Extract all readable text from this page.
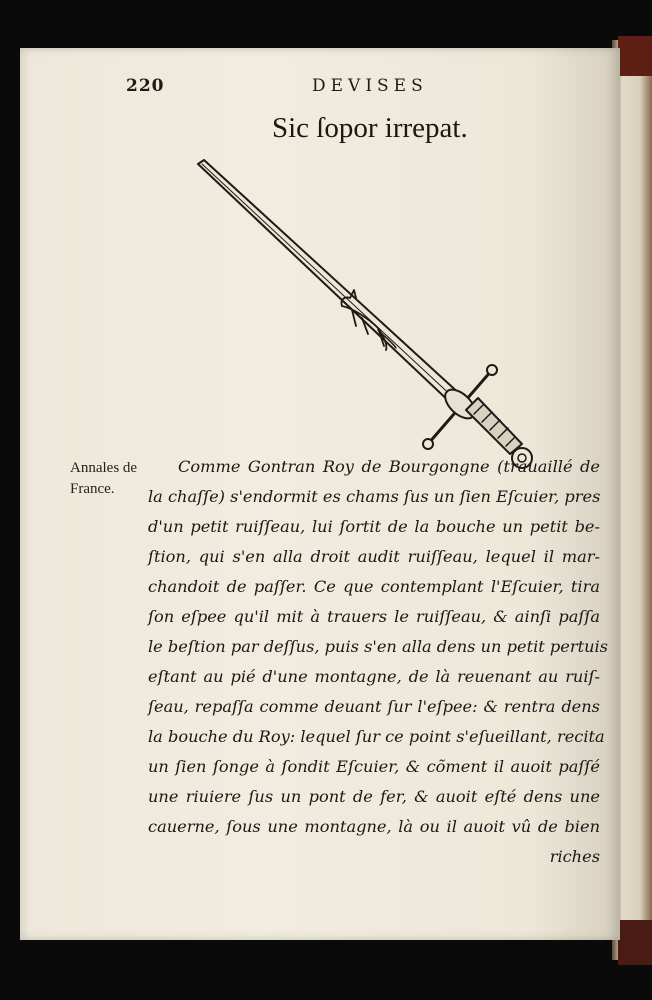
220	DEVISES
Sic ſopor irrepat.
Annales de
France.
Comme Gontran Roy de Bourgongne (trauaillé de
la chaſſe) s'endormit es chams ſus un ſien Eſcuier, pres
d'un petit ruiſſeau, lui ſortit de la bouche un petit be-
ſtion, qui s'en alla droit audit ruiſſeau, lequel il mar-
chandoit de paſſer. Ce que contemplant l'Eſcuier, tira
ſon eſpee qu'il mit à trauers le ruiſſeau, & ainſi paſſa
le beſtion par deſſus, puis s'en alla dens un petit pertuis
eſtant au pié d'une montagne, de là reuenant au ruiſ-
ſeau, repaſſa comme deuant ſur l'eſpee: & rentra dens
la bouche du Roy: lequel ſur ce point s'eſueillant, recita
un ſien ſonge à ſondit Eſcuier, & cõment il auoit paſſé
une riuiere ſus un pont de fer, & auoit eſté dens une
cauerne, ſous une montagne, là ou il auoit vû de bien
riches
